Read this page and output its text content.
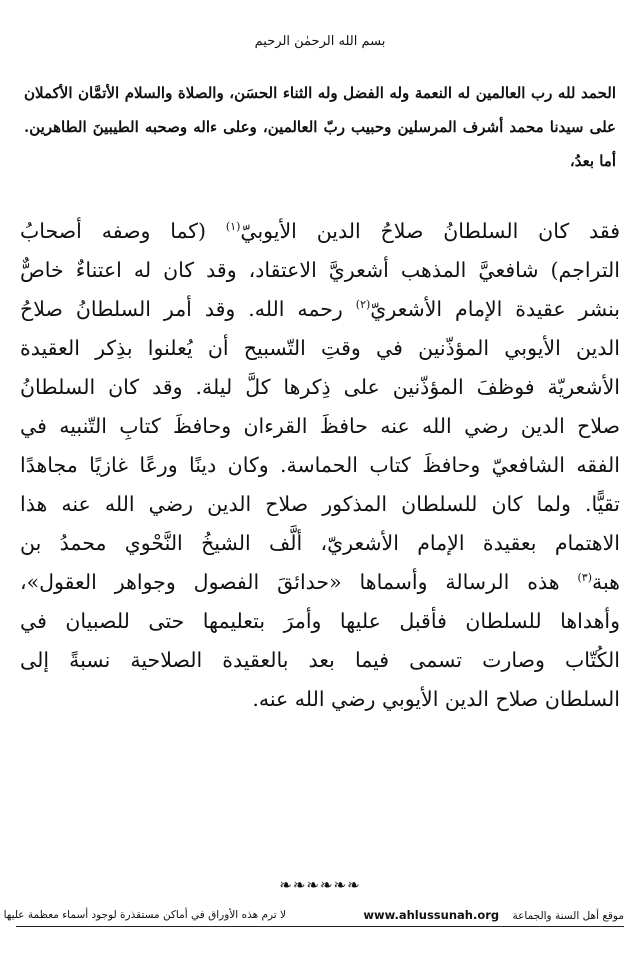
بسم الله الرحمٰن الرحيم
الحمد لله رب العالمين له النعمة وله الفضل وله الثناء الحسَن، والصلاة والسلام الأتمَّان الأكملان
على سيدنا محمد أشرف المرسلين وحبيب ربّ العالمين، وعلى ءاله وصحبه الطيبينَ الطاهرين.
أما بعدُ،
فقد كان السلطانُ صلاحُ الدين الأيوبيّ$^{(١)}$ (كما وصفه أصحابُ
التراجم) شافعيَّ المذهب أشعريَّ الاعتقاد، وقد كان له اعتناءٌ خاصٌّ
بنشر عقيدة الإمام الأشعريّ$^{(٢)}$ رحمه الله. وقد أمر السلطانُ صلاحُ
الدين الأيوبي المؤذّنين في وقتِ التّسبيح أن يُعلنوا بذِكر العقيدة
الأشعريّة فوظفَ المؤذّنين على ذِكرها كلَّ ليلة. وقد كان السلطانُ
صلاح الدين رضي الله عنه حافظَ القرءان وحافظَ كتابِ التّنبيه في
الفقه الشافعيّ وحافظَ كتاب الحماسة. وكان دينًا ورعًا غازيًا مجاهدًا
تقيًّا. ولما كان للسلطان المذكور صلاح الدين رضي الله عنه هذا
الاهتمام بعقيدة الإمام الأشعريّ، ألَّف الشيخُ النَّحْوي محمدُ بن
هبة$^{(٣)}$ هذه الرسالة وأسماها «حدائقَ الفصول وجواهر العقول»،
وأهداها للسلطان فأقبل عليها وأمرَ بتعليمها حتى للصبيان في
الكُتّاب وصارت تسمى فيما بعد بالعقيدة الصلاحية نسبةً إلى
السلطان صلاح الدين الأيوبي رضي الله عنه.
❧❧❧❧❧❧
لا ترم هذه الأوراق في أماكن مستقذرة لوجود أسماء معظمة عليها	www.ahlussunah.org موقع أهل السنة والجماعة
